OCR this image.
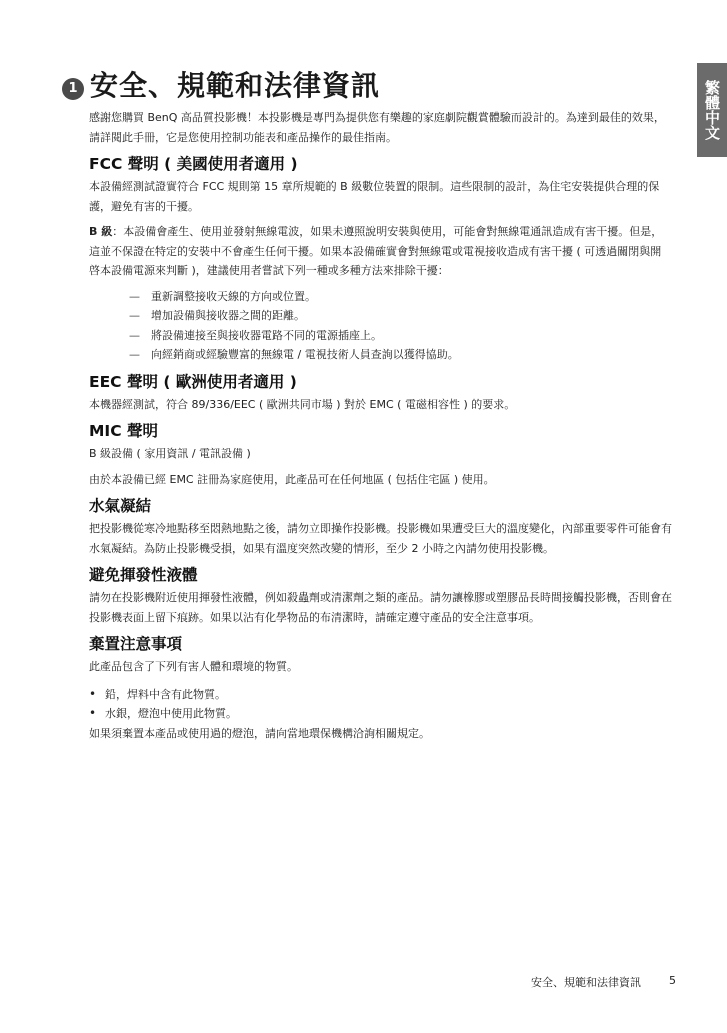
繁體中文
1 安全、規範和法律資訊

感謝您購買 BenQ 高品質投影機！本投影機是專門為提供您有樂趣的家庭劇院觀賞體驗而設計的。為達到最佳的效果，請詳閱此手冊，它是您使用控制功能表和產品操作的最佳指南。

FCC 聲明 ( 美國使用者適用 )

本設備經測試證實符合 FCC 規則第 15 章所規範的 B 級數位裝置的限制。這些限制的設計，為住宅安裝提供合理的保護，避免有害的干擾。

B 級：本設備會產生、使用並發射無線電波，如果未遵照說明安裝與使用，可能會對無線電通訊造成有害干擾。但是，這並不保證在特定的安裝中不會產生任何干擾。如果本設備確實會對無線電或電視接收造成有害干擾 ( 可透過關閉與開啓本設備電源來判斷 )，建議使用者嘗試下列一種或多種方法來排除干擾：

— 重新調整接收天線的方向或位置。
— 增加設備與接收器之間的距離。
— 將設備連接至與接收器電路不同的電源插座上。
— 向經銷商或經驗豐富的無線電 / 電視技術人員查詢以獲得協助。
EEC 聲明 ( 歐洲使用者適用 )

本機器經測試，符合 89/336/EEC ( 歐洲共同市場 ) 對於 EMC ( 電磁相容性 ) 的要求。

MIC 聲明

B 級設備 ( 家用資訊 / 電訊設備 )

由於本設備已經 EMC 註冊為家庭使用，此產品可在任何地區 ( 包括住宅區 ) 使用。

水氣凝結

把投影機從寒冷地點移至悶熱地點之後，請勿立即操作投影機。投影機如果遭受巨大的溫度變化，內部重要零件可能會有水氣凝結。為防止投影機受損，如果有溫度突然改變的情形，至少 2 小時之內請勿使用投影機。

避免揮發性液體

請勿在投影機附近使用揮發性液體，例如殺蟲劑或清潔劑之類的產品。請勿讓橡膠或塑膠品長時間接觸投影機，否則會在投影機表面上留下痕跡。如果以沾有化學物品的布清潔時，請確定遵守產品的安全注意事項。

棄置注意事項

此產品包含了下列有害人體和環境的物質。

• 鉛，焊料中含有此物質。
• 水銀，燈泡中使用此物質。

如果須棄置本產品或使用過的燈泡，請向當地環保機構洽詢相關規定。

安全、規範和法律資訊	5
